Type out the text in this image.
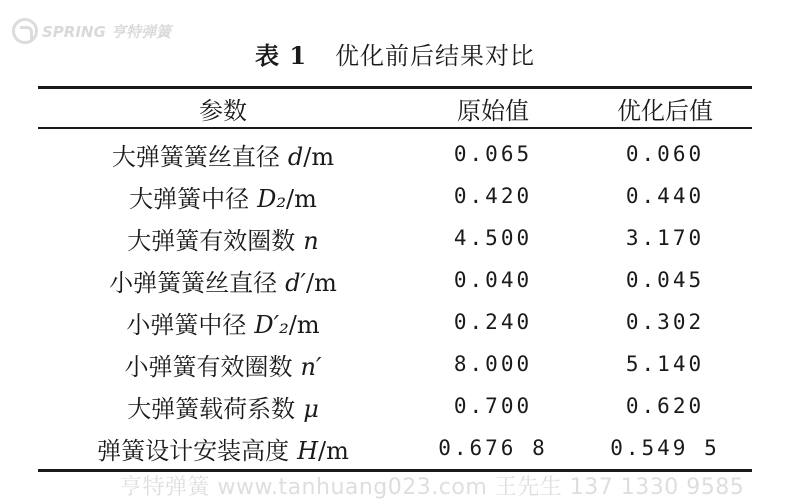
SPRING 亨特弹簧
表 1 优化前后结果对比
参数	原始值	优化后值
大弹簧簧丝直径 d/m	0.065	0.060
大弹簧中径 D₂/m	0.420	0.440
大弹簧有效圈数 n	4.500	3.170
小弹簧簧丝直径 d′/m	0.040	0.045
小弹簧中径 D′₂/m	0.240	0.302
小弹簧有效圈数 n′	8.000	5.140
大弹簧载荷系数 μ	0.700	0.620
弹簧设计安装高度 H/m	0.676 8	0.549 5
亨特弹簧 www.tanhuang023.com 王先生 137 1330 9585
